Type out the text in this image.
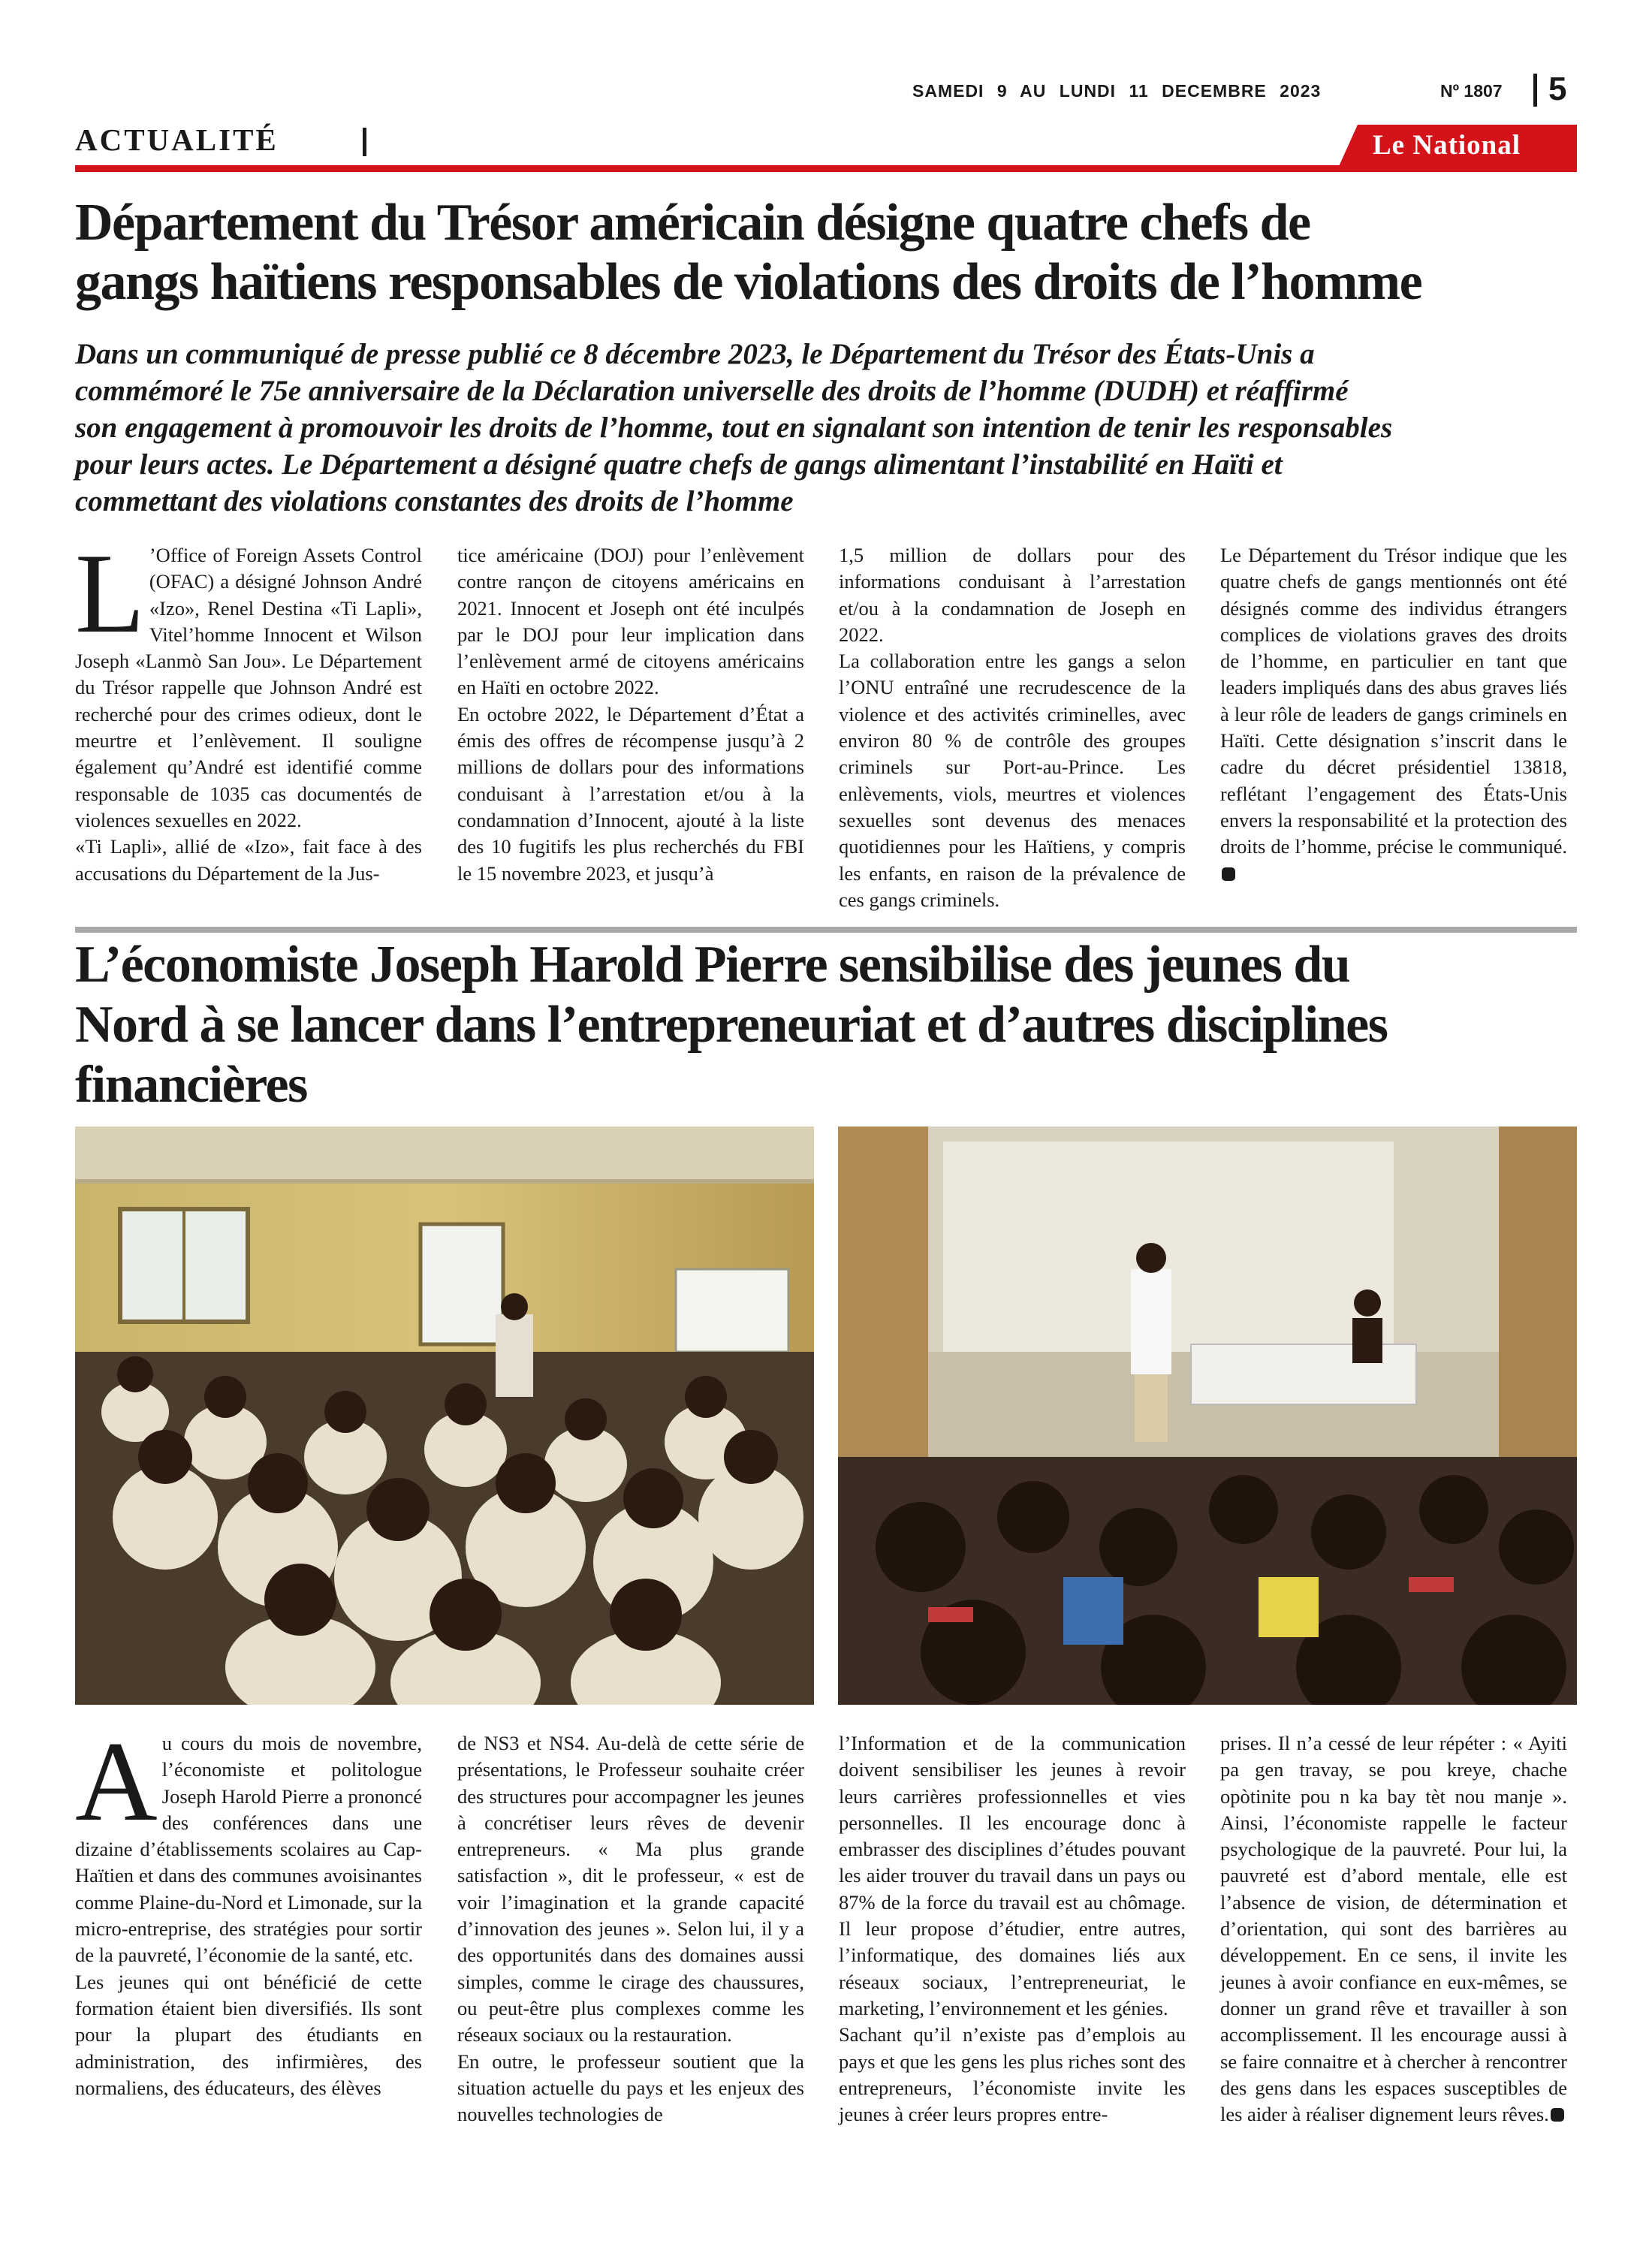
SAMEDI 9 AU LUNDI 11 DECEMBRE 2023	Nº 1807 5
ACTUALITÉ	Le National
Département du Trésor américain désigne quatre chefs de
gangs haïtiens responsables de violations des droits de l’homme
Dans un communiqué de presse publié ce 8 décembre 2023, le Département du Trésor des États-Unis a
commémoré le 75e anniversaire de la Déclaration universelle des droits de l’homme (DUDH) et réaffirmé
son engagement à promouvoir les droits de l’homme, tout en signalant son intention de tenir les responsables
pour leurs actes. Le Département a désigné quatre chefs de gangs alimentant l’instabilité en Haïti et
commettant des violations constantes des droits de l’homme
L ’Office of Foreign Assets Control (OFAC) a désigné Johnson André «Izo», Renel Destina «Ti Lapli», Vitel’homme Innocent et Wilson Joseph «Lanmò San Jou». Le Département du Trésor rappelle que Johnson André est recherché pour des crimes odieux, dont le meurtre et l’enlèvement. Il souligne également qu’André est identifié comme responsable de 1035 cas documentés de violences sexuelles en 2022.

«Ti Lapli», allié de «Izo», fait face à des accusations du Département de la Jus-

tice américaine (DOJ) pour l’enlèvement contre rançon de citoyens américains en 2021. Innocent et Joseph ont été inculpés par le DOJ pour leur implication dans l’enlèvement armé de citoyens américains en Haïti en octobre 2022.

En octobre 2022, le Département d’État a émis des offres de récompense jusqu’à 2 millions de dollars pour des informations conduisant à l’arrestation et/ou à la condamnation d’Innocent, ajouté à la liste des 10 fugitifs les plus recherchés du FBI le 15 novembre 2023, et jusqu’à

1,5 million de dollars pour des informations conduisant à l’arrestation et/ou à la condamnation de Joseph en 2022.

La collaboration entre les gangs a selon l’ONU entraîné une recrudescence de la violence et des activités criminelles, avec environ 80 % de contrôle des groupes criminels sur Port-au-Prince. Les enlèvements, viols, meurtres et violences sexuelles sont devenus des menaces quotidiennes pour les Haïtiens, y compris les enfants, en raison de la prévalence de ces gangs criminels.

Le Département du Trésor indique que les quatre chefs de gangs mentionnés ont été désignés comme des individus étrangers complices de violations graves des droits de l’homme, en particulier en tant que leaders impliqués dans des abus graves liés à leur rôle de leaders de gangs criminels en Haïti. Cette désignation s’inscrit dans le cadre du décret présidentiel 13818, reflétant l’engagement des États-Unis envers la responsabilité et la protection des droits de l’homme, précise le communiqué.

L’économiste Joseph Harold Pierre sensibilise des jeunes du
Nord à se lancer dans l’entrepreneuriat et d’autres disciplines
financières
A u cours du mois de novembre, l’économiste et politologue Joseph Harold Pierre a prononcé des conférences dans une dizaine d’établissements scolaires au Cap-Haïtien et dans des communes avoisinantes comme Plaine-du-Nord et Limonade, sur la micro-entreprise, des stratégies pour sortir de la pauvreté, l’économie de la santé, etc.

Les jeunes qui ont bénéficié de cette formation étaient bien diversifiés. Ils sont pour la plupart des étudiants en administration, des infirmières, des normaliens, des éducateurs, des élèves

de NS3 et NS4. Au-delà de cette série de présentations, le Professeur souhaite créer des structures pour accompagner les jeunes à concrétiser leurs rêves de devenir entrepreneurs. « Ma plus grande satisfaction », dit le professeur, « est de voir l’imagination et la grande capacité d’innovation des jeunes ». Selon lui, il y a des opportunités dans des domaines aussi simples, comme le cirage des chaussures, ou peut-être plus complexes comme les réseaux sociaux ou la restauration.

En outre, le professeur soutient que la situation actuelle du pays et les enjeux des nouvelles technologies de

l’Information et de la communication doivent sensibiliser les jeunes à revoir leurs carrières professionnelles et vies personnelles. Il les encourage donc à embrasser des disciplines d’études pouvant les aider trouver du travail dans un pays ou 87% de la force du travail est au chômage. Il leur propose d’étudier, entre autres, l’informatique, des domaines liés aux réseaux sociaux, l’entrepreneuriat, le marketing, l’environnement et les génies.

Sachant qu’il n’existe pas d’emplois au pays et que les gens les plus riches sont des entrepreneurs, l’économiste invite les jeunes à créer leurs propres entre-

prises. Il n’a cessé de leur répéter : « Ayiti pa gen travay, se pou kreye, chache opòtinite pou n ka bay tèt nou manje ». Ainsi, l’économiste rappelle le facteur psychologique de la pauvreté. Pour lui, la pauvreté est d’abord mentale, elle est l’absence de vision, de détermination et d’orientation, qui sont des barrières au développement. En ce sens, il invite les jeunes à avoir confiance en eux-mêmes, se donner un grand rêve et travailler à son accomplissement. Il les encourage aussi à se faire connaitre et à chercher à rencontrer des gens dans les espaces susceptibles de les aider à réaliser dignement leurs rêves.
